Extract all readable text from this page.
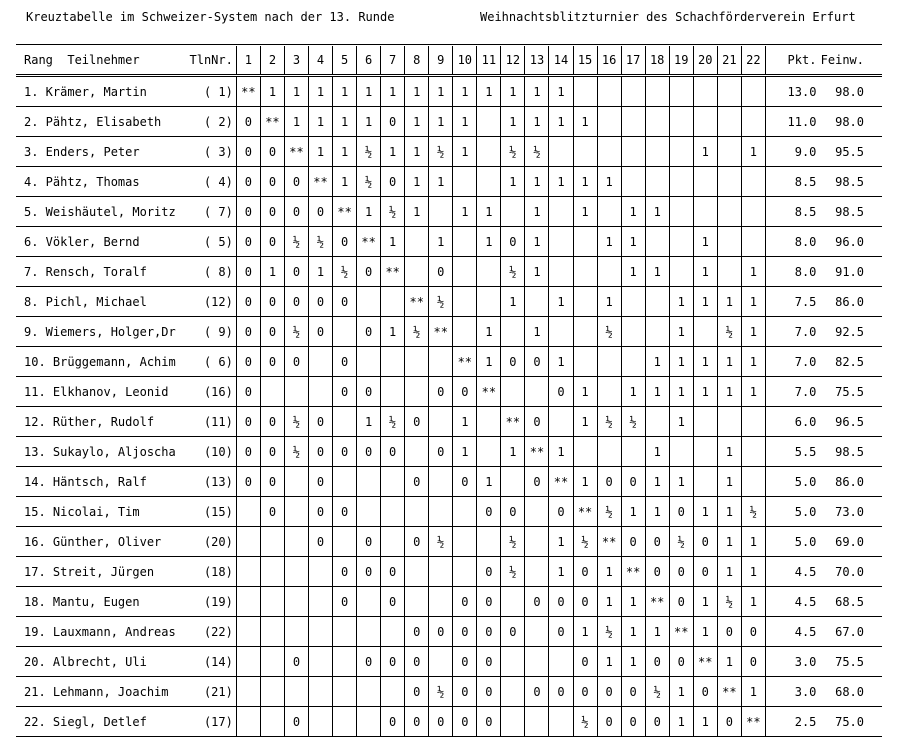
Kreuztabelle im Schweizer-System nach der 13. Runde	Weihnachtsblitzturnier des Schachförderverein Erfurt
Rang  Teilnehmer	TlnNr.	1	2	3	4	5	6	7	8	9	10	11	12	13	14	15	16	17	18	19	20	21	22	Pkt.	Feinw.
1. Krämer, Martin	( 1)	**	1	1	1	1	1	1	1	1	1	1	1	1	1									13.0	98.0
2. Pähtz, Elisabeth	( 2)	0	**	1	1	1	1	0	1	1	1		1	1	1	1								11.0	98.0
3. Enders, Peter	( 3)	0	0	**	1	1	½	1	1	½	1		½	½							1		1	9.0	95.5
4. Pähtz, Thomas	( 4)	0	0	0	**	1	½	0	1	1			1	1	1	1	1							8.5	98.5
5. Weishäutel, Moritz	( 7)	0	0	0	0	**	1	½	1		1	1		1		1		1	1					8.5	98.5
6. Vökler, Bernd	( 5)	0	0	½	½	0	**	1		1		1	0	1			1	1			1			8.0	96.0
7. Rensch, Toralf	( 8)	0	1	0	1	½	0	**		0			½	1				1	1		1		1	8.0	91.0
8. Pichl, Michael	(12)	0	0	0	0	0			**	½			1		1		1			1	1	1	1	7.5	86.0
9. Wiemers, Holger,Dr	( 9)	0	0	½	0		0	1	½	**		1		1			½			1		½	1	7.0	92.5
10. Brüggemann, Achim	( 6)	0	0	0		0					**	1	0	0	1				1	1	1	1	1	7.0	82.5
11. Elkhanov, Leonid	(16)	0				0	0			0	0	**			0	1		1	1	1	1	1	1	7.0	75.5
12. Rüther, Rudolf	(11)	0	0	½	0		1	½	0		1		**	0		1	½	½		1				6.0	96.5
13. Sukaylo, Aljoscha	(10)	0	0	½	0	0	0	0		0	1		1	**	1				1			1		5.5	98.5
14. Häntsch, Ralf	(13)	0	0		0				0		0	1		0	**	1	0	0	1	1		1		5.0	86.0
15. Nicolai, Tim	(15)		0		0	0						0	0		0	**	½	1	1	0	1	1	½	5.0	73.0
16. Günther, Oliver	(20)				0		0		0	½			½		1	½	**	0	0	½	0	1	1	5.0	69.0
17. Streit, Jürgen	(18)					0	0	0				0	½		1	0	1	**	0	0	0	1	1	4.5	70.0
18. Mantu, Eugen	(19)					0		0			0	0		0	0	0	1	1	**	0	1	½	1	4.5	68.5
19. Lauxmann, Andreas	(22)								0	0	0	0	0		0	1	½	1	1	**	1	0	0	4.5	67.0
20. Albrecht, Uli	(14)			0			0	0	0		0	0				0	1	1	0	0	**	1	0	3.0	75.5
21. Lehmann, Joachim	(21)								0	½	0	0		0	0	0	0	0	½	1	0	**	1	3.0	68.0
22. Siegl, Detlef	(17)			0				0	0	0	0	0				½	0	0	0	1	1	0	**	2.5	75.0
